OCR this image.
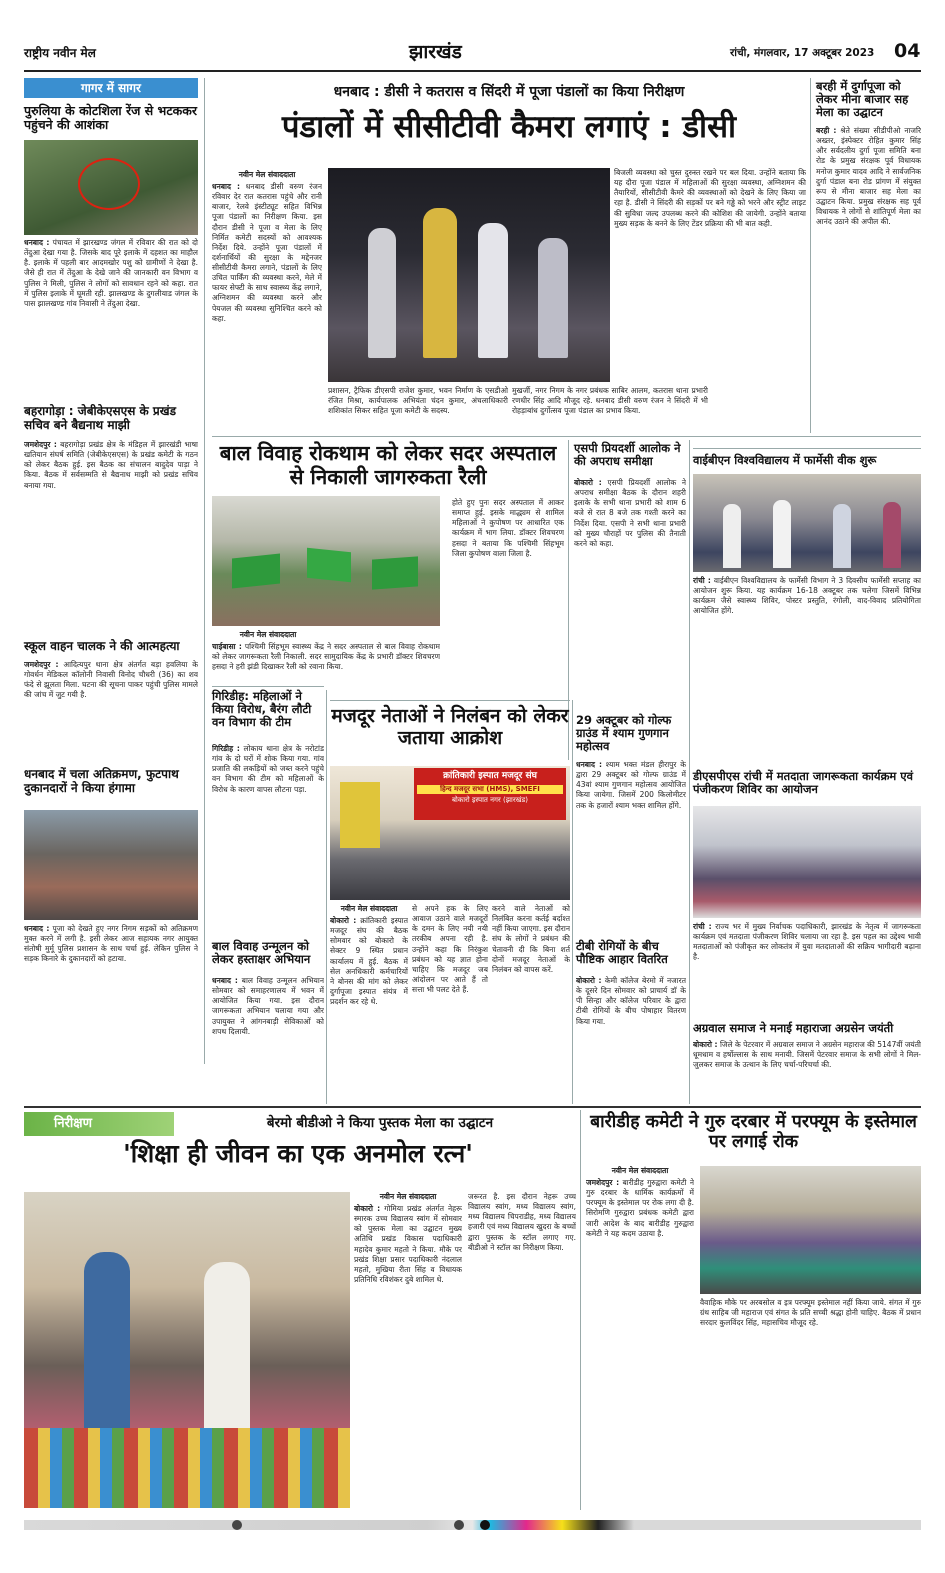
राष्ट्रीय नवीन मेल	झारखंड	रांची, मंगलवार, 17 अक्टूबर 2023 04
गागर में सागर
पुरुलिया के कोटशिला रेंज से भटककर पहुंचने की आशंका
धनबाद : पंचायत में झारखण्ड जंगल में रविवार की रात को दो तेंदुआ देखा गया है. जिसके बाद पूरे इलाके में दहशत का माहौल है. इलाके में पहली बार आदमखोर पशु को ग्रामीणों ने देखा है. जैसे ही रात में तेंदुआ के देखे जाने की जानकारी वन विभाग व पुलिस ने मिली, पुलिस ने लोगों को सावधान रहने को कहा. रात में पुलिस इलाके में घूमती रही. झालखण्ड के दुगलीयाड जंगल के पास झालखण्ड गांव निवासी ने तेंदुआ देखा.
बहरागोड़ा : जेबीकेएसएस के प्रखंड सचिव बने बैद्यनाथ माझी
जमशेदपुर : बहरागोड़ा प्रखंड क्षेत्र के मंडिहल में झारखंडी भाषा खतियान संघर्ष समिति (जेबीकेएसएस) के प्रखंड कमेटी के गठन को लेकर बैठक हुई. इस बैठक का संचालन बादुदेव पाड़ा ने किया. बैठक में सर्वसम्मति से बैद्यनाथ माझी को प्रखंड सचिव बनाया गया.
स्कूल वाहन चालक ने की आत्महत्या
जमशेदपुर : आदित्यपुर थाना क्षेत्र अंतर्गत बड़ा हवलिया के गोवर्धन मेडिकल कॉलोनी निवासी विनोद चौधरी (36) का शव फंदे से झूलता मिला. घटना की सूचना पाकर पहुंची पुलिस मामले की जांच में जुट गयी है.
धनबाद में चला अतिक्रमण, फुटपाथ दुकानदारों ने किया हंगामा
धनबाद : पूजा को देखते हुए नगर निगम सड़कों को अतिक्रमण मुक्त करने में लगी है. इसी लेकर आज सहायक नगर आयुक्त संतोषी मुर्मू पुलिस प्रशासन के साथ चर्चा हुई. लेकिन पुलिस ने सड़क किनारे के दुकानदारों को हटाया.
धनबाद : डीसी ने कतरास व सिंदरी में पूजा पंडालों का किया निरीक्षण
पंडालों में सीसीटीवी कैमरा लगाएं : डीसी
नवीन मेल संवाददाता
धनबाद : धनबाद डीसी वरुण रंजन रविवार देर रात कतरास पहुंचे और रानी बाजार, रेलवे इंस्टीट्यूट सहित विभिन्न पूजा पंडालों का निरीक्षण किया. इस दौरान डीसी ने पूजा व मेला के लिए निर्मित कमेटी सदस्यों को आवश्यक निर्देश दिये. उन्होंने पूजा पंडालों में दर्शनार्थियों की सुरक्षा के मद्देनजर सीसीटीवी कैमरा लगाने, पंडालों के लिए उचित पार्किंग की व्यवस्था करने, मेले में फायर सेफ्टी के साथ स्वास्थ्य केंद्र लगाने, अग्निशमन की व्यवस्था करने और पेयजल की व्यवस्था सुनिश्चित करने को कहा.
प्रशासन, ट्रैफिक डीएसपी राजेश कुमार, भवन निर्माण के एसडीओ रंजित मिश्रा, कार्यपालक अभियंता चंदन कुमार, अंचलाधिकारी शशिकांत सिकर सहित पूजा कमेटी के सदस्य.
मुखर्जी, नगर निगम के नगर प्रबंधक साबिर आलम, कतरास थाना प्रभारी रणधीर सिंह आदि मौजूद रहे. धनबाद डीसी वरुण रंजन ने सिंदरी में भी रोहड़ाबांध दुर्गोत्सव पूजा पंडाल का प्रभाव किया.
बिजली व्यवस्था को चुस्त दुरुस्त रखने पर बल दिया. उन्होंने बताया कि यह दौरा पूजा पंडाल में महिलाओं की सुरक्षा व्यवस्था, अग्निशमन की तैयारियों, सीसीटीवी कैमरे की व्यवस्थाओं को देखने के लिए किया जा रहा है. डीसी ने सिंदरी की सड़कों पर बने गड्ढे को भरने और स्ट्रीट लाइट की सुविधा जल्द उपलब्ध करने की कोशिश की जायेगी. उन्होंने बताया मुख्य सड़क के बनने के लिए टेंडर प्रक्रिया की भी बात कही.
बरही में दुर्गापूजा को लेकर मीना बाजार सह मेला का उद्घाटन
बरही : श्रेते संख्या सीडीपीओ नाजरि अख्तर, इंस्पेक्टर रोहित कुमार सिंह और सर्वदलीय दुर्गा पूजा समिति बना रोड के प्रमुख संरक्षक पूर्व विधायक मनोज कुमार यादव आदि ने सार्वजनिक दुर्गा पंडाल बना रोड प्रांगण में संयुक्त रूप से मीना बाजार सह मेला का उद्घाटन किया. प्रमुख संरक्षक सह पूर्व विधायक ने लोगों से शांतिपूर्ण मेला का आनंद उठाने की अपील की.
वाईबीएन विश्वविद्यालय में फार्मेसी वीक शुरू
रांची : वाईबीएन विश्वविद्यालय के फार्मेसी विभाग ने 3 दिवसीय फार्मेसी सप्ताह का आयोजन शुरू किया. यह कार्यक्रम 16-18 अक्टूबर तक चलेगा जिसमें विभिन्न कार्यक्रम जैसे स्वास्थ्य शिविर, पोस्टर प्रस्तुति, रंगोली, वाद-विवाद प्रतियोगिता आयोजित होंगे.
डीएसपीएस रांची में मतदाता जागरूकता कार्यक्रम एवं पंजीकरण शिविर का आयोजन
रांची : राज्य भर में मुख्य निर्वाचक पदाधिकारी, झारखंड के नेतृत्व में जागरूकता कार्यक्रम एवं मतदाता पंजीकरण शिविर चलाया जा रहा है. इस पहल का उद्देश्य भावी मतदाताओं को पंजीकृत कर लोकतंत्र में युवा मतदाताओं की सक्रिय भागीदारी बढ़ाना है.
अग्रवाल समाज ने मनाई महाराजा अग्रसेन जयंती
बोकारो : जिले के पेटरवार में अग्रवाल समाज ने अग्रसेन महाराज की 5147वीं जयंती धूमधाम व हर्षोल्लास के साथ मनायी. जिसमें पेटरवार समाज के सभी लोगों ने मिल-जुलकर समाज के उत्थान के लिए चर्चा-परिचर्चा की.
बाल विवाह रोकथाम को लेकर सदर अस्पताल से निकाली जागरुकता रैली
होते हुए पुनः सदर अस्पताल में आकर समाप्त हुई. इसके माद्ध्यम से शामिल महिलाओं ने कुपोषण पर आधारित एक कार्यक्रम में भाग लिया. डॉक्टर शिवचरण हसदा ने बताया कि पश्चिमी सिंहभूम जिला कुपोषण वाला जिला है.
नवीन मेल संवाददाता
चाईबासा : पश्चिमी सिंहभूम स्वास्थ्य केंद्र ने सदर अस्पताल से बाल विवाह रोकथाम को लेकर जागरूकता रैली निकाली. सदर सामुदायिक केंद्र के प्रभारी डॉक्टर शिवचरण हसदा ने हरी झंडी दिखाकर रैली को रवाना किया.
एसपी प्रियदर्शी आलोक ने की अपराध समीक्षा
बोकारो : एसपी प्रियदर्शी आलोक ने अपराध समीक्षा बैठक के दौरान शहरी इलाके के सभी थाना प्रभारी को शाम 6 बजे से रात 8 बजे तक गश्ती करने का निर्देश दिया. एसपी ने सभी थाना प्रभारी को मुख्य चौराहों पर पुलिस की तैनाती करने को कहा.
गिरिडीह: महिलाओं ने किया विरोध, बैरंग लौटी वन विभाग की टीम
गिरिडीह : लोकाय थाना क्षेत्र के नरोटांड गांव के दो घरों में शोक किया गया. गांव प्रजाति की लकड़ियों को जब्त करने पहुंचे वन विभाग की टीम को महिलाओं के विरोध के कारण वापस लौटना पड़ा.
बाल विवाह उन्मूलन को लेकर हस्ताक्षर अभियान
धनबाद : बाल विवाह उन्मूलन अभियान सोमवार को समाहरणालय में भवन में आयोजित किया गया. इस दौरान जागरूकता अभियान चलाया गया और उपायुक्त ने आंगनबाड़ी सेविकाओं को शपथ दिलायी.
मजदूर नेताओं ने निलंबन को लेकर जताया आक्रोश
क्रांतिकारी इस्पात मजदूर संघ
हिन्द मजदूर सभा (HMS), SMEFI
बोकारो इस्पात नगर (झारखंड)
नवीन मेल संवाददाता
बोकारो : क्रांतिकारी इस्पात मजदूर संघ की बैठक सोमवार को बोकारो के सेक्टर 9 स्थित प्रधान कार्यालय में हुई. बैठक में सेल अनधिकारी कर्मचारियों ने बोनस की मांग को लेकर दुर्गापूजा इस्पात संयंत्र में प्रदर्शन कर रहे थे.
से अपने हक के लिए आवाज उठाने वाले मजदूरों के दमन के लिए नयी नयी तरकीब अपना रही है. उन्होंने कहा कि निरंकुश प्रबंधन को यह ज्ञात होना चाहिए कि मजदूर जब आंदोलन पर आते हैं तो सत्ता भी पलट देते हैं.
करने वाले नेताओं को निलंबित करना कर्तई बर्दाश्त नहीं किया जाएगा. इस दौरान संघ के लोगों ने प्रबंधन की चेतावनी दी कि बिना शर्त दोनों मजदूर नेताओं के निलंबन को वापस करें.
29 अक्टूबर को गोल्फ ग्राउंड में श्याम गुणगान महोत्सव
धनबाद : श्याम भक्त मंडल हीरापुर के द्वारा 29 अक्टूबर को गोल्फ ग्राउंड में 43वां श्याम गुणगान महोत्सव आयोजित किया जायेगा. जिसमें 200 किलोमीटर तक के हजारों श्याम भक्त शामिल होंगे.
टीबी रोगियों के बीच पौष्टिक आहार वितरित
बोकारो : केमी कॉलेज बेरमो में नजारत के दूसरे दिन सोमवार को प्राचार्य डॉ के पी सिन्हा और कॉलेज परिवार के द्वारा टीबी रोगियों के बीच पोषाहार वितरण किया गया.
निरीक्षण	बेरमो बीडीओ ने किया पुस्तक मेला का उद्घाटन
'शिक्षा ही जीवन का एक अनमोल रत्न'
नवीन मेल संवाददाता
बोकारो : गोमिया प्रखंड अंतर्गत नेहरू स्मारक उच्च विद्यालय स्वांग में सोमवार को पुस्तक मेला का उद्घाटन मुख्य अतिथि प्रखंड विकास पदाधिकारी महादेव कुमार महतो ने किया. मौके पर प्रखंड शिक्षा प्रसार पदाधिकारी नंदलाल महतो, मुखिया रीता सिंह व विधायक प्रतिनिधि रविशंकर दुबे शामिल थे.
जरूरत है. इस दौरान नेहरू उच्च विद्यालय स्वांग, मध्य विद्यालय स्वांग, मध्य विद्यालय चिपराडीह, मध्य विद्यालय हजारी एवं मध्य विद्यालय खुदरा के बच्चों द्वारा पुस्तक के स्टॉल लगाए गए. बीडीओ ने स्टॉल का निरीक्षण किया.
बारीडीह कमेटी ने गुरु दरबार में परफ्यूम के इस्तेमाल पर लगाई रोक
नवीन मेल संवाददाता
जमशेदपुर : बारीडीह गुरुद्वारा कमेटी ने गुरु दरबार के धार्मिक कार्यक्रमों में परफ्यूम के इस्तेमाल पर रोक लगा दी है. सिरोमणि गुरुद्वारा प्रबंधक कमेटी द्वारा जारी आदेश के बाद बारीडीह गुरुद्वारा कमेटी ने यह कदम उठाया है.
वैवाहिक मौके पर अरबसोल व इत्र परफ्यूम इस्तेमाल नहीं किया जाये. संगत में गुरु ग्रंथ साहिब जी महाराज एवं संगत के प्रति सच्ची श्रद्धा होनी चाहिए. बैठक में प्रधान सरदार कुलविंदर सिंह, महासचिव मौजूद रहे.
